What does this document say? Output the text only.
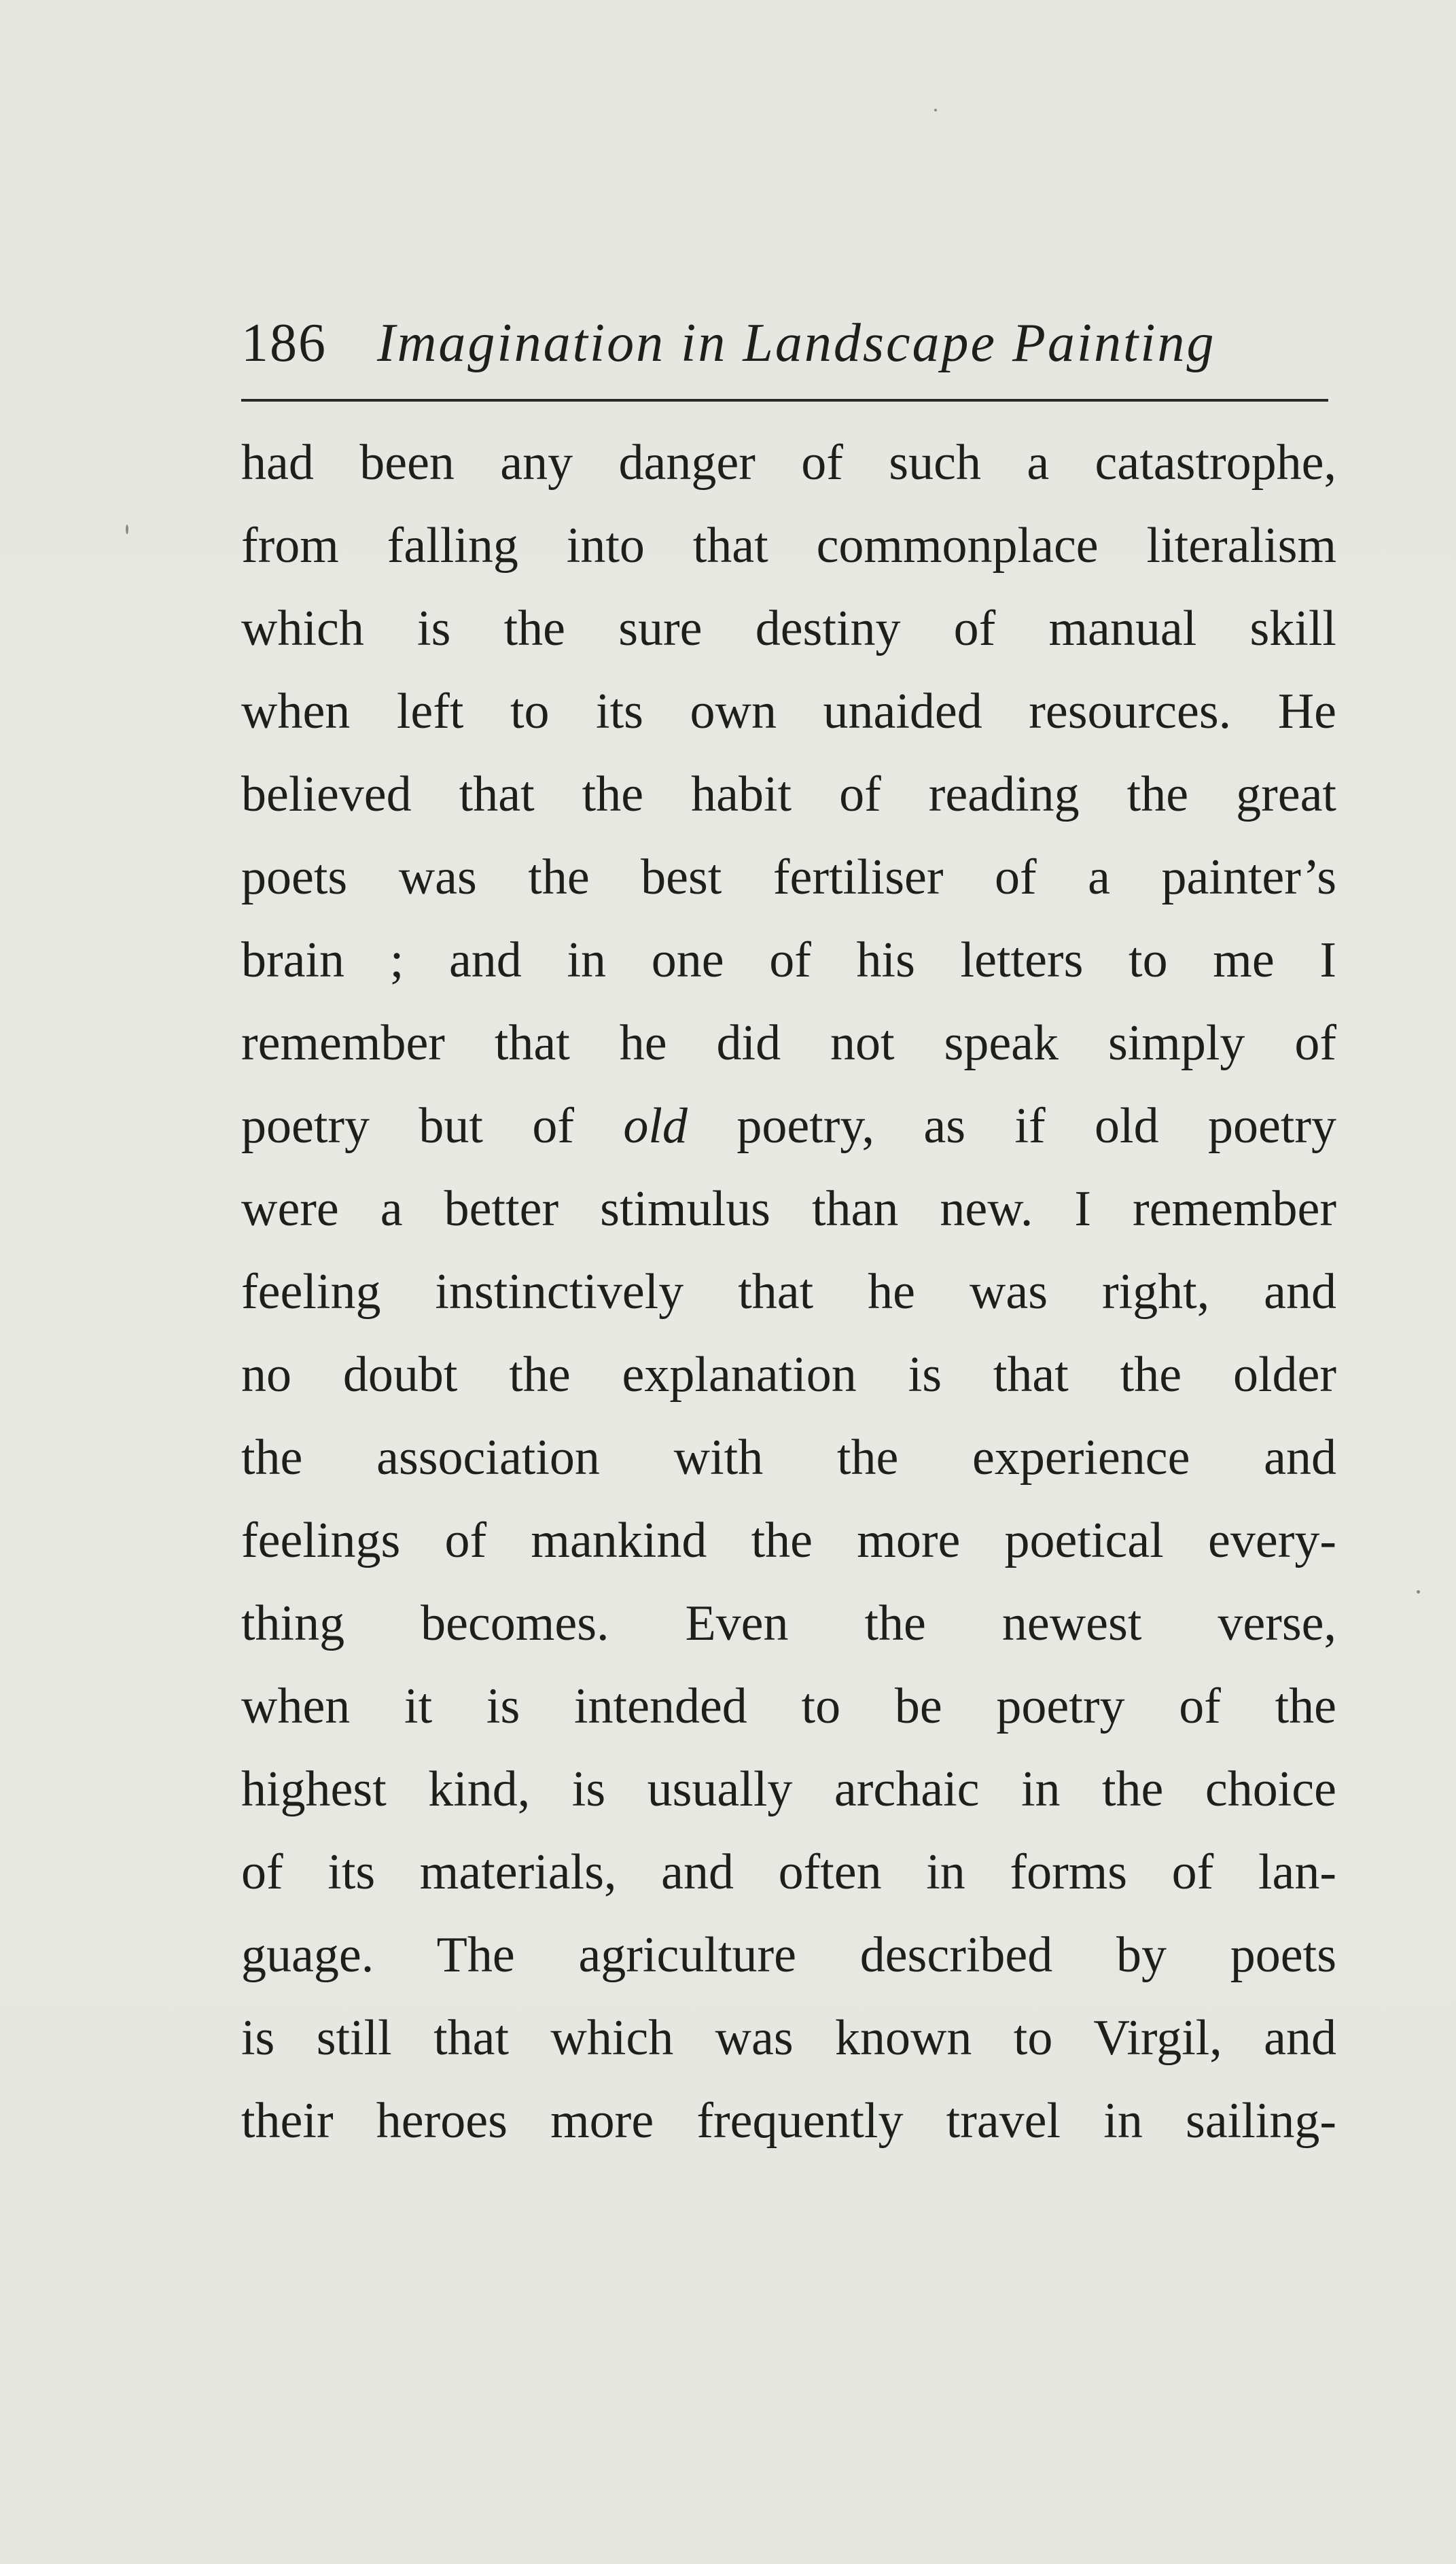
186 Imagination in Landscape Painting
had been any danger of such a catastrophe,
from falling into that commonplace literalism
which is the sure destiny of manual skill
when left to its own unaided resources. He
believed that the habit of reading the great
poets was the best fertiliser of a painter’s
brain ; and in one of his letters to me I
remember that he did not speak simply of
poetry but of old poetry, as if old poetry
were a better stimulus than new. I remember
feeling instinctively that he was right, and
no doubt the explanation is that the older
the association with the experience and
feelings of mankind the more poetical every-
thing becomes. Even the newest verse,
when it is intended to be poetry of the
highest kind, is usually archaic in the choice
of its materials, and often in forms of lan-
guage. The agriculture described by poets
is still that which was known to Virgil, and
their heroes more frequently travel in sailing-
